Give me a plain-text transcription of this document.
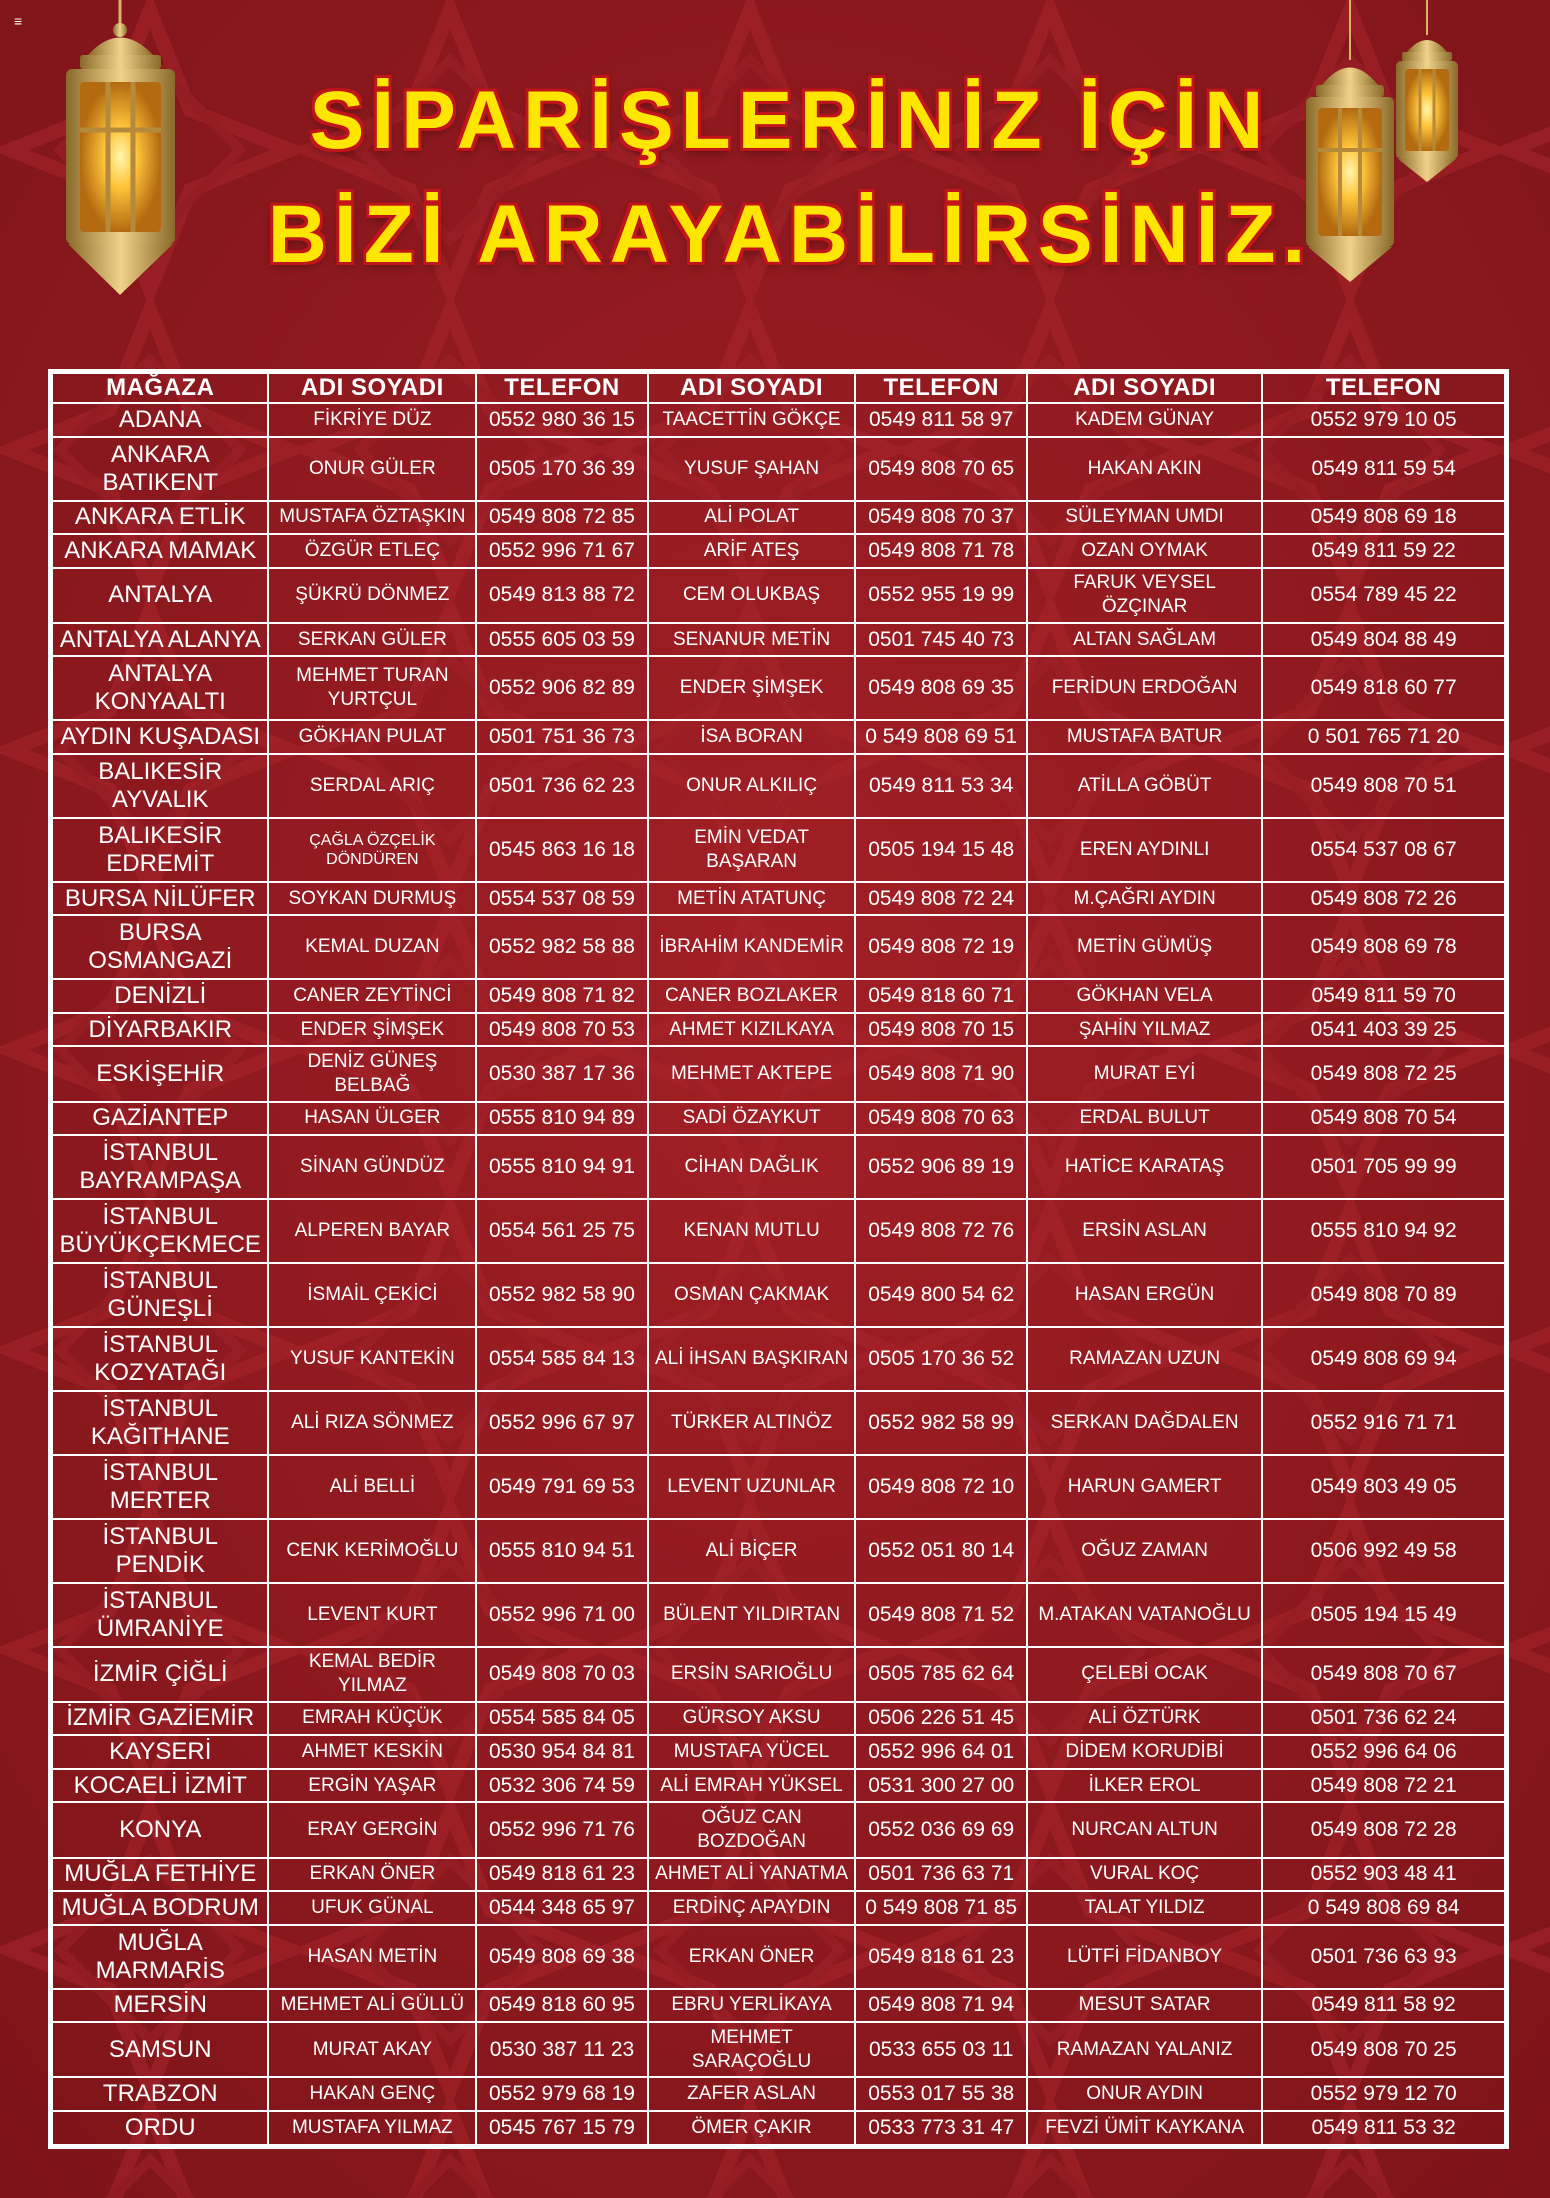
≡
SİPARİŞLERİNİZ İÇİN
BİZİ ARAYABİLİRSİNİZ.
MAĞAZA	ADI SOYADI	TELEFON	ADI SOYADI	TELEFON	ADI SOYADI	TELEFON
ADANA	FİKRİYE DÜZ	0552 980 36 15	TAACETTİN GÖKÇE	0549 811 58 97	KADEM GÜNAY	0552 979 10 05
ANKARA BATIKENT	ONUR GÜLER	0505 170 36 39	YUSUF ŞAHAN	0549 808 70 65	HAKAN AKIN	0549 811 59 54
ANKARA ETLİK	MUSTAFA ÖZTAŞKIN	0549 808 72 85	ALİ POLAT	0549 808 70 37	SÜLEYMAN UMDI	0549 808 69 18
ANKARA MAMAK	ÖZGÜR ETLEÇ	0552 996 71 67	ARİF ATEŞ	0549 808 71 78	OZAN OYMAK	0549 811 59 22
ANTALYA	ŞÜKRÜ DÖNMEZ	0549 813 88 72	CEM OLUKBAŞ	0552 955 19 99	FARUK VEYSEL ÖZÇINAR	0554 789 45 22
ANTALYA ALANYA	SERKAN GÜLER	0555 605 03 59	SENANUR METİN	0501 745 40 73	ALTAN SAĞLAM	0549 804 88 49
ANTALYA KONYAALTI	MEHMET TURAN YURTÇUL	0552 906 82 89	ENDER ŞİMŞEK	0549 808 69 35	FERİDUN ERDOĞAN	0549 818 60 77
AYDIN KUŞADASI	GÖKHAN PULAT	0501 751 36 73	İSA BORAN	0 549 808 69 51	MUSTAFA BATUR	0 501 765 71 20
BALIKESİR AYVALIK	SERDAL ARIÇ	0501 736 62 23	ONUR ALKILIÇ	0549 811 53 34	ATİLLA GÖBÜT	0549 808 70 51
BALIKESİR EDREMİT	ÇAĞLA ÖZÇELİK DÖNDÜREN	0545 863 16 18	EMİN VEDAT BAŞARAN	0505 194 15 48	EREN AYDINLI	0554 537 08 67
BURSA NİLÜFER	SOYKAN DURMUŞ	0554 537 08 59	METİN ATATUNÇ	0549 808 72 24	M.ÇAĞRI AYDIN	0549 808 72 26
BURSA OSMANGAZİ	KEMAL DUZAN	0552 982 58 88	İBRAHİM KANDEMİR	0549 808 72 19	METİN GÜMÜŞ	0549 808 69 78
DENİZLİ	CANER ZEYTİNCİ	0549 808 71 82	CANER BOZLAKER	0549 818 60 71	GÖKHAN VELA	0549 811 59 70
DİYARBAKIR	ENDER ŞİMŞEK	0549 808 70 53	AHMET KIZILKAYA	0549 808 70 15	ŞAHİN YILMAZ	0541 403 39 25
ESKİŞEHİR	DENİZ GÜNEŞ BELBAĞ	0530 387 17 36	MEHMET AKTEPE	0549 808 71 90	MURAT EYİ	0549 808 72 25
GAZİANTEP	HASAN ÜLGER	0555 810 94 89	SADİ ÖZAYKUT	0549 808 70 63	ERDAL BULUT	0549 808 70 54
İSTANBUL BAYRAMPAŞA	SİNAN GÜNDÜZ	0555 810 94 91	CİHAN DAĞLIK	0552 906 89 19	HATİCE KARATAŞ	0501 705 99 99
İSTANBUL BÜYÜKÇEKMECE	ALPEREN BAYAR	0554 561 25 75	KENAN MUTLU	0549 808 72 76	ERSİN ASLAN	0555 810 94 92
İSTANBUL GÜNEŞLİ	İSMAİL ÇEKİCİ	0552 982 58 90	OSMAN ÇAKMAK	0549 800 54 62	HASAN ERGÜN	0549 808 70 89
İSTANBUL KOZYATAĞI	YUSUF KANTEKİN	0554 585 84 13	ALİ İHSAN BAŞKIRAN	0505 170 36 52	RAMAZAN UZUN	0549 808 69 94
İSTANBUL KAĞITHANE	ALİ RIZA SÖNMEZ	0552 996 67 97	TÜRKER ALTINÖZ	0552 982 58 99	SERKAN DAĞDALEN	0552 916 71 71
İSTANBUL MERTER	ALİ BELLİ	0549 791 69 53	LEVENT UZUNLAR	0549 808 72 10	HARUN GAMERT	0549 803 49 05
İSTANBUL PENDİK	CENK KERİMOĞLU	0555 810 94 51	ALİ BİÇER	0552 051 80 14	OĞUZ ZAMAN	0506 992 49 58
İSTANBUL ÜMRANİYE	LEVENT KURT	0552 996 71 00	BÜLENT YILDIRTAN	0549 808 71 52	M.ATAKAN VATANOĞLU	0505 194 15 49
İZMİR ÇİĞLİ	KEMAL BEDİR YILMAZ	0549 808 70 03	ERSİN SARIOĞLU	0505 785 62 64	ÇELEBİ OCAK	0549 808 70 67
İZMİR GAZİEMİR	EMRAH KÜÇÜK	0554 585 84 05	GÜRSOY AKSU	0506 226 51 45	ALİ ÖZTÜRK	0501 736 62 24
KAYSERİ	AHMET KESKİN	0530 954 84 81	MUSTAFA YÜCEL	0552 996 64 01	DİDEM KORUDİBİ	0552 996 64 06
KOCAELİ İZMİT	ERGİN YAŞAR	0532 306 74 59	ALİ EMRAH YÜKSEL	0531 300 27 00	İLKER EROL	0549 808 72 21
KONYA	ERAY GERGİN	0552 996 71 76	OĞUZ CAN BOZDOĞAN	0552 036 69 69	NURCAN ALTUN	0549 808 72 28
MUĞLA FETHİYE	ERKAN ÖNER	0549 818 61 23	AHMET ALİ YANATMA	0501 736 63 71	VURAL KOÇ	0552 903 48 41
MUĞLA BODRUM	UFUK GÜNAL	0544 348 65 97	ERDİNÇ APAYDIN	0 549 808 71 85	TALAT YILDIZ	0 549 808 69 84
MUĞLA MARMARİS	HASAN METİN	0549 808 69 38	ERKAN ÖNER	0549 818 61 23	LÜTFİ FİDANBOY	0501 736 63 93
MERSİN	MEHMET ALİ GÜLLÜ	0549 818 60 95	EBRU YERLİKAYA	0549 808 71 94	MESUT SATAR	0549 811 58 92
SAMSUN	MURAT AKAY	0530 387 11 23	MEHMET SARAÇOĞLU	0533 655 03 11	RAMAZAN YALANIZ	0549 808 70 25
TRABZON	HAKAN GENÇ	0552 979 68 19	ZAFER ASLAN	0553 017 55 38	ONUR AYDIN	0552 979 12 70
ORDU	MUSTAFA YILMAZ	0545 767 15 79	ÖMER ÇAKIR	0533 773 31 47	FEVZİ ÜMİT KAYKANA	0549 811 53 32
